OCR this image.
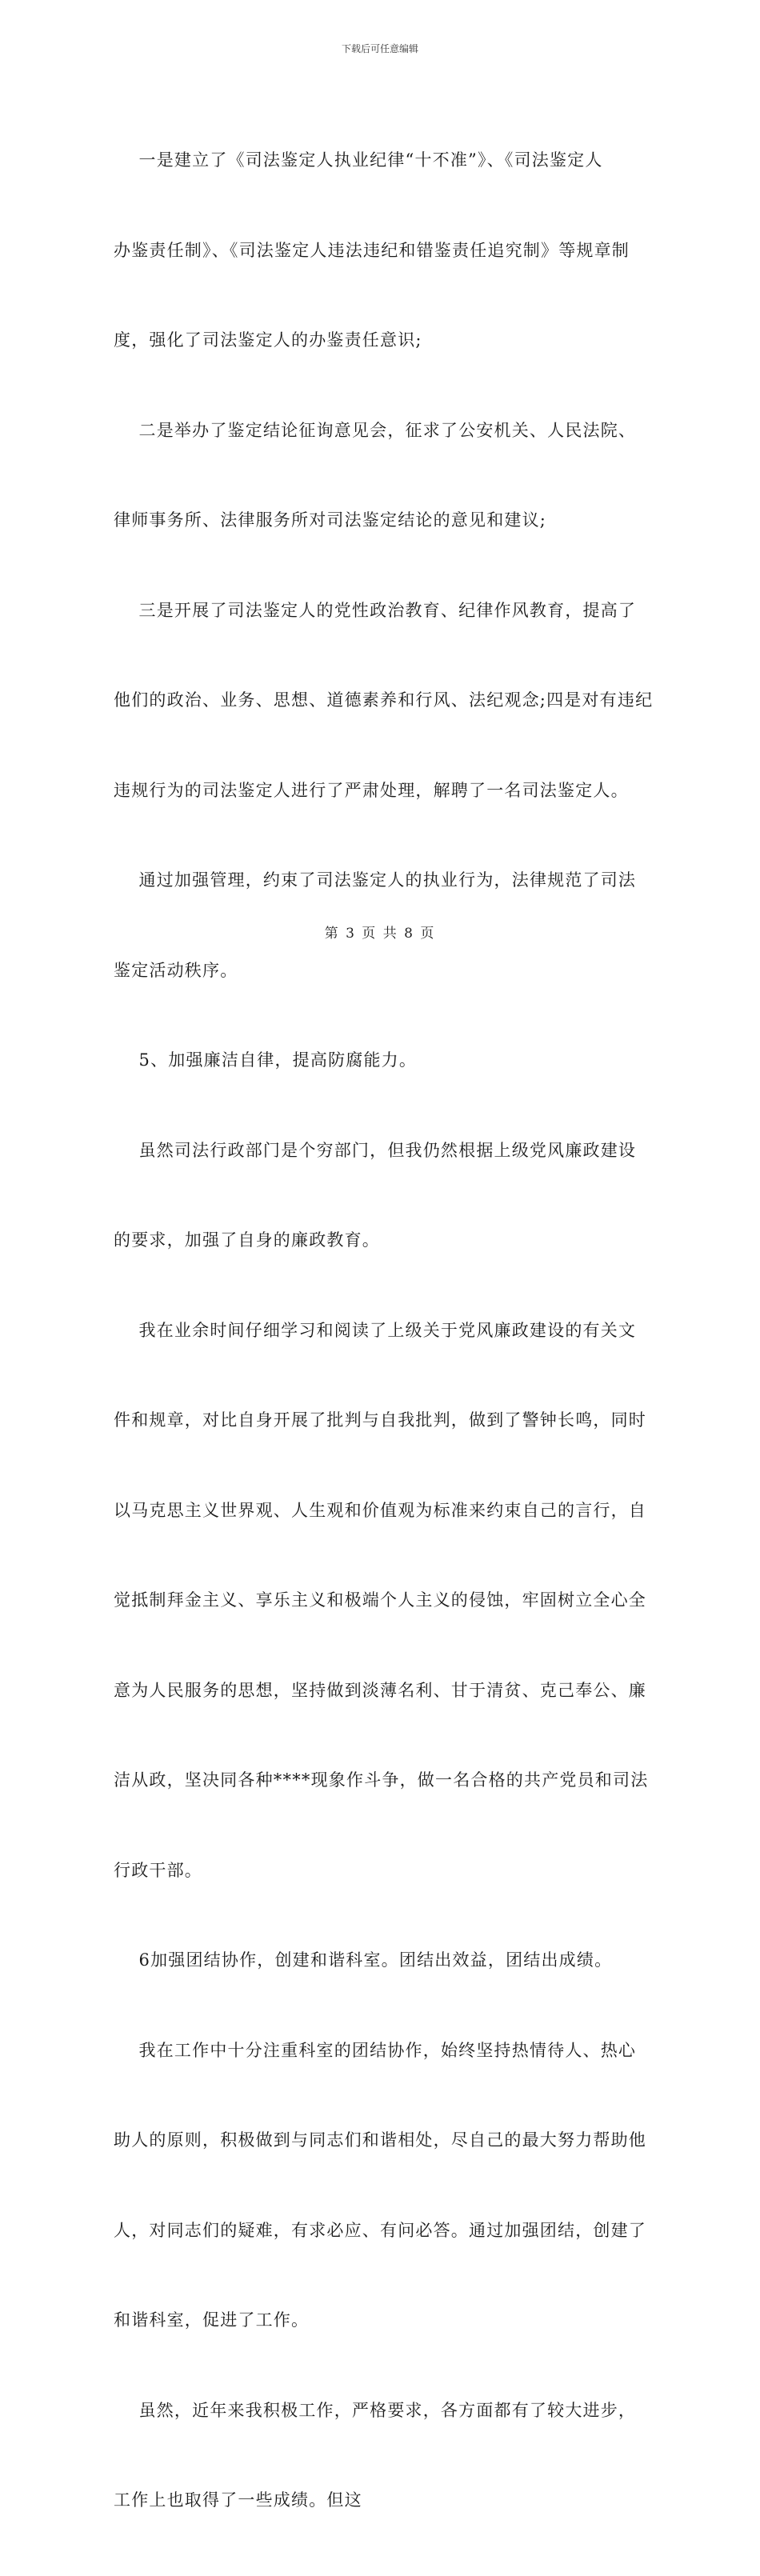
下载后可任意编辑

一是建立了《司法鉴定人执业纪律“十不准”》、《司法鉴定人

办鉴责任制》、《司法鉴定人违法违纪和错鉴责任追究制》等规章制

度，强化了司法鉴定人的办鉴责任意识;

二是举办了鉴定结论征询意见会，征求了公安机关、人民法院、

律师事务所、法律服务所对司法鉴定结论的意见和建议;

三是开展了司法鉴定人的党性政治教育、纪律作风教育，提高了

他们的政治、业务、思想、道德素养和行风、法纪观念;四是对有违纪

违规行为的司法鉴定人进行了严肃处理，解聘了一名司法鉴定人。

通过加强管理，约束了司法鉴定人的执业行为，法律规范了司法

鉴定活动秩序。

5、加强廉洁自律，提高防腐能力。

虽然司法行政部门是个穷部门，但我仍然根据上级党风廉政建设

的要求，加强了自身的廉政教育。

我在业余时间仔细学习和阅读了上级关于党风廉政建设的有关文

件和规章，对比自身开展了批判与自我批判，做到了警钟长鸣，同时

以马克思主义世界观、人生观和价值观为标准来约束自己的言行，自

觉抵制拜金主义、享乐主义和极端个人主义的侵蚀，牢固树立全心全

意为人民服务的思想，坚持做到淡薄名利、甘于清贫、克己奉公、廉

洁从政，坚决同各种****现象作斗争，做一名合格的共产党员和司法

行政干部。

6加强团结协作，创建和谐科室。团结出效益，团结出成绩。

我在工作中十分注重科室的团结协作，始终坚持热情待人、热心

助人的原则，积极做到与同志们和谐相处，尽自己的最大努力帮助他

人，对同志们的疑难，有求必应、有问必答。通过加强团结，创建了

和谐科室，促进了工作。

虽然，近年来我积极工作，严格要求，各方面都有了较大进步，

工作上也取得了一些成绩。但这

第 3 页 共 8 页
